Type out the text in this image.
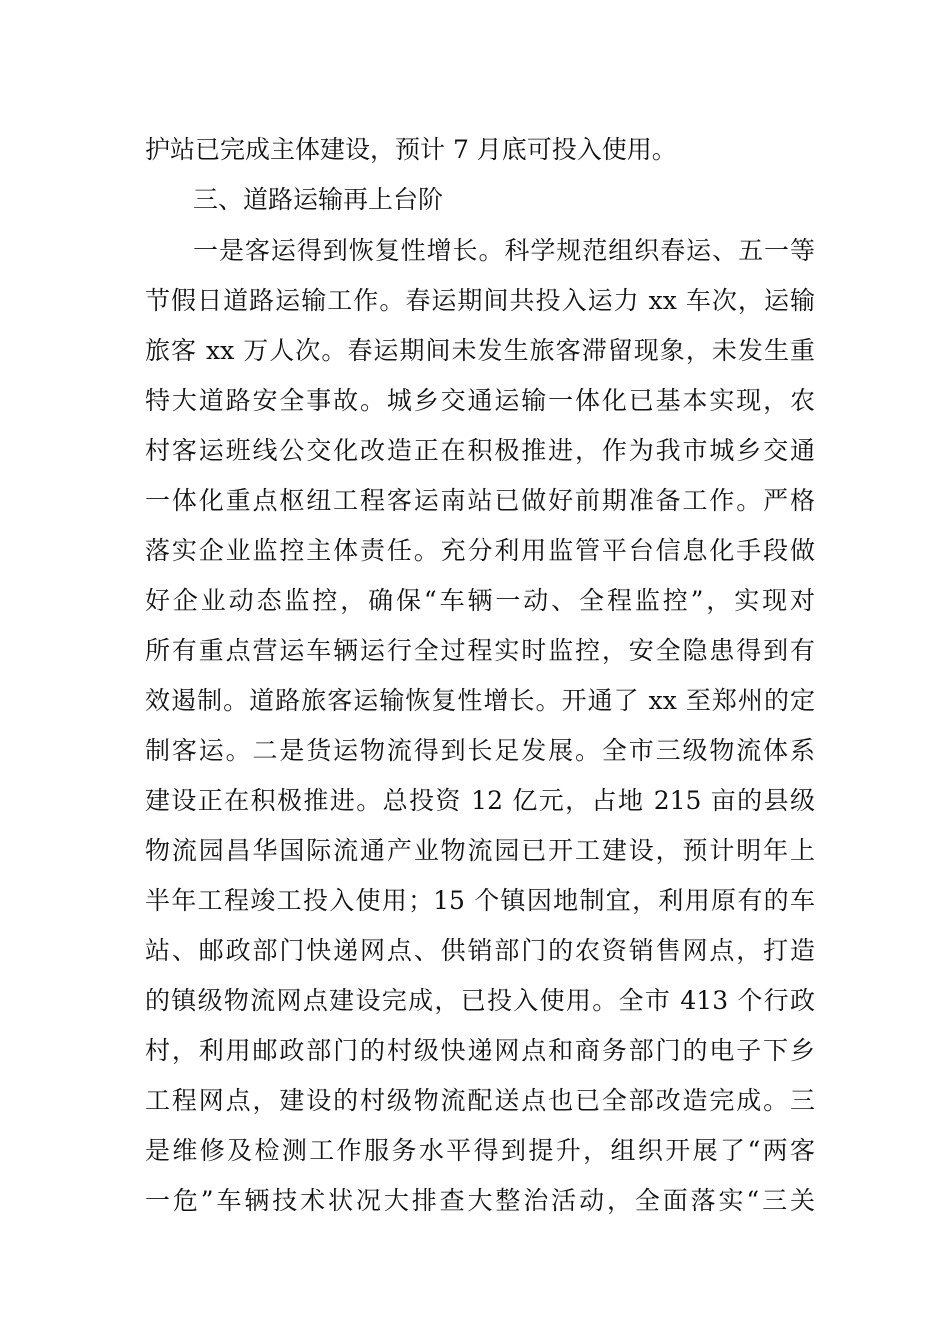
护站已完成主体建设，预计 7 月底可投入使用。
三、道路运输再上台阶
一是客运得到恢复性增长。科学规范组织春运、五一等
节假日道路运输工作。春运期间共投入运力 xx 车次，运输
旅客 xx 万人次。春运期间未发生旅客滞留现象，未发生重
特大道路安全事故。城乡交通运输一体化已基本实现，农
村客运班线公交化改造正在积极推进，作为我市城乡交通
一体化重点枢纽工程客运南站已做好前期准备工作。严格
落实企业监控主体责任。充分利用监管平台信息化手段做
好企业动态监控，确保“车辆一动、全程监控”，实现对
所有重点营运车辆运行全过程实时监控，安全隐患得到有
效遏制。道路旅客运输恢复性增长。开通了 xx 至郑州的定
制客运。二是货运物流得到长足发展。全市三级物流体系
建设正在积极推进。总投资 12 亿元，占地 215 亩的县级
物流园昌华国际流通产业物流园已开工建设，预计明年上
半年工程竣工投入使用；15 个镇因地制宜，利用原有的车
站、邮政部门快递网点、供销部门的农资销售网点，打造
的镇级物流网点建设完成，已投入使用。全市 413 个行政
村，利用邮政部门的村级快递网点和商务部门的电子下乡
工程网点，建设的村级物流配送点也已全部改造完成。三
是维修及检测工作服务水平得到提升，组织开展了“两客
一危”车辆技术状况大排查大整治活动，全面落实“三关
